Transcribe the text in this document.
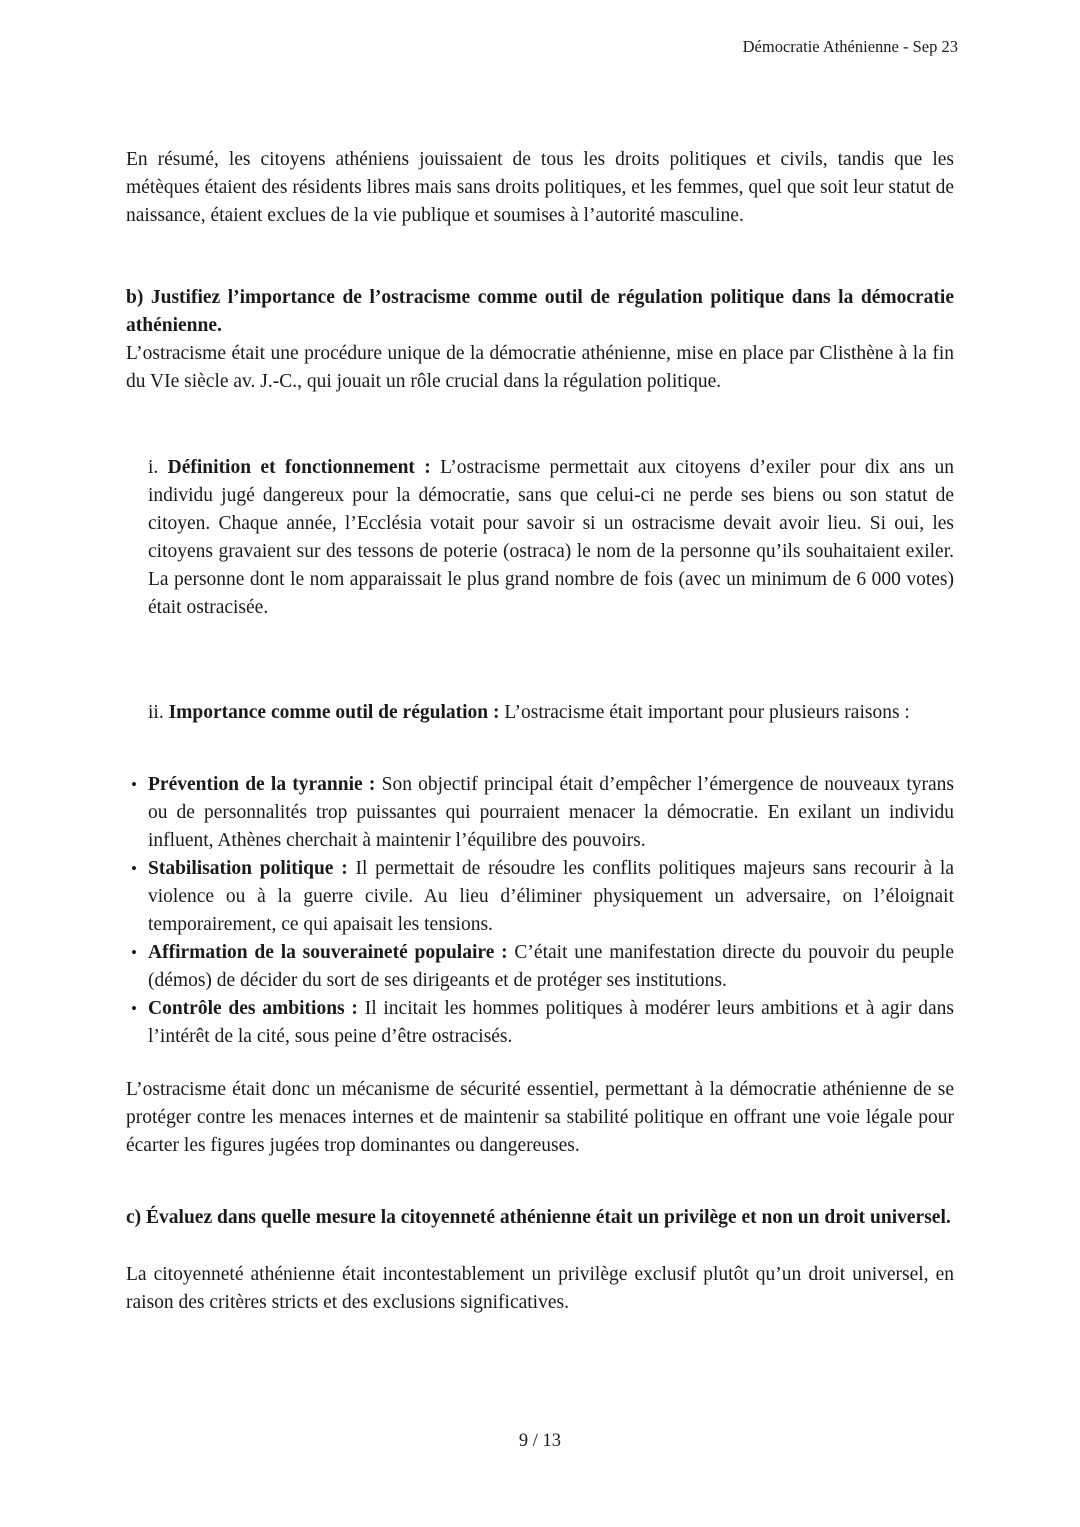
Démocratie Athénienne - Sep 23
En résumé, les citoyens athéniens jouissaient de tous les droits politiques et civils, tandis que les métèques étaient des résidents libres mais sans droits politiques, et les femmes, quel que soit leur statut de naissance, étaient exclues de la vie publique et soumises à l’autorité masculine.
b) Justifiez l’importance de l’ostracisme comme outil de régulation politique dans la démocratie athénienne.
L’ostracisme était une procédure unique de la démocratie athénienne, mise en place par Clisthène à la fin du VIe siècle av. J.-C., qui jouait un rôle crucial dans la régulation politique.
i. Définition et fonctionnement : L’ostracisme permettait aux citoyens d’exiler pour dix ans un individu jugé dangereux pour la démocratie, sans que celui-ci ne perde ses biens ou son statut de citoyen. Chaque année, l’Ecclésia votait pour savoir si un ostracisme devait avoir lieu. Si oui, les citoyens gravaient sur des tessons de poterie (ostraca) le nom de la personne qu’ils souhaitaient exiler. La personne dont le nom apparaissait le plus grand nombre de fois (avec un minimum de 6 000 votes) était ostracisée.
ii. Importance comme outil de régulation : L’ostracisme était important pour plusieurs raisons :
• Prévention de la tyrannie : Son objectif principal était d’empêcher l’émergence de nouveaux tyrans ou de personnalités trop puissantes qui pourraient menacer la démocratie. En exilant un individu influent, Athènes cherchait à maintenir l’équilibre des pouvoirs.
• Stabilisation politique : Il permettait de résoudre les conflits politiques majeurs sans recourir à la violence ou à la guerre civile. Au lieu d’éliminer physiquement un adversaire, on l’éloignait temporairement, ce qui apaisait les tensions.
• Affirmation de la souveraineté populaire : C’était une manifestation directe du pouvoir du peuple (démos) de décider du sort de ses dirigeants et de protéger ses institutions.
• Contrôle des ambitions : Il incitait les hommes politiques à modérer leurs ambitions et à agir dans l’intérêt de la cité, sous peine d’être ostracisés.
L’ostracisme était donc un mécanisme de sécurité essentiel, permettant à la démocratie athénienne de se protéger contre les menaces internes et de maintenir sa stabilité politique en offrant une voie légale pour écarter les figures jugées trop dominantes ou dangereuses.
c) Évaluez dans quelle mesure la citoyenneté athénienne était un privilège et non un droit universel.
La citoyenneté athénienne était incontestablement un privilège exclusif plutôt qu’un droit universel, en raison des critères stricts et des exclusions significatives.
9 / 13
